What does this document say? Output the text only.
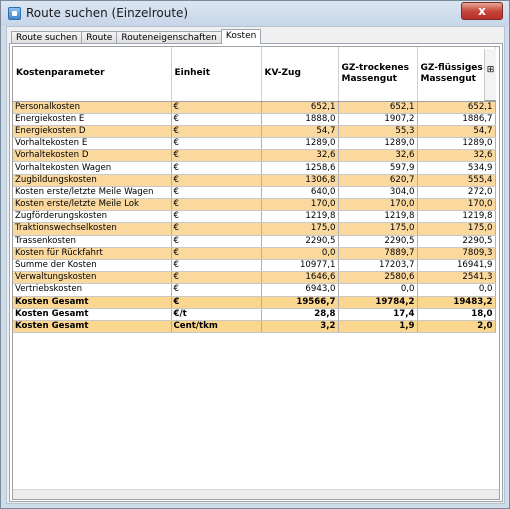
Route suchen (Einzelroute)	x
Route suchen	Route	Routeneigenschaften	Kosten
Kostenparameter	Einheit	KV-Zug	GZ-trockenes Massengut	GZ-flüssiges Massengut
Personalkosten	€	652,1	652,1	652,1
Energiekosten E	€	1888,0	1907,2	1886,7
Energiekosten D	€	54,7	55,3	54,7
Vorhaltekosten E	€	1289,0	1289,0	1289,0
Vorhaltekosten D	€	32,6	32,6	32,6
Vorhaltekosten Wagen	€	1258,6	597,9	534,9
Zugbildungskosten	€	1306,8	620,7	555,4
Kosten erste/letzte Meile Wagen	€	640,0	304,0	272,0
Kosten erste/letzte Meile Lok	€	170,0	170,0	170,0
Zugförderungskosten	€	1219,8	1219,8	1219,8
Traktionswechselkosten	€	175,0	175,0	175,0
Trassenkosten	€	2290,5	2290,5	2290,5
Kosten für Rückfahrt	€	0,0	7889,7	7809,3
Summe der Kosten	€	10977,1	17203,7	16941,9
Verwaltungskosten	€	1646,6	2580,6	2541,3
Vertriebskosten	€	6943,0	0,0	0,0
Kosten Gesamt	€	19566,7	19784,2	19483,2
Kosten Gesamt	€/t	28,8	17,4	18,0
Kosten Gesamt	Cent/tkm	3,2	1,9	2,0
⊞
